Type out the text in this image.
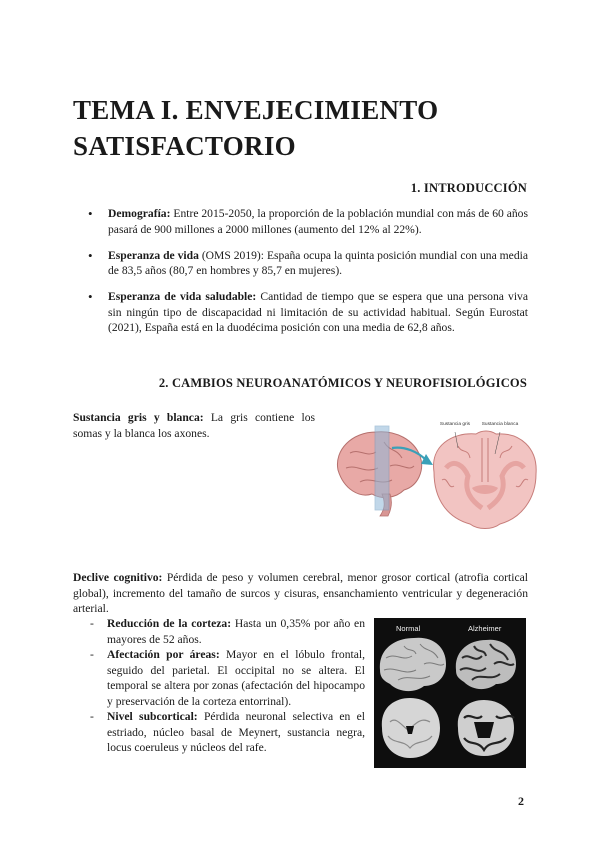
TEMA I. ENVEJECIMIENTO SATISFACTORIO
1. INTRODUCCIÓN
• Demografía: Entre 2015-2050, la proporción de la población mundial con más de 60 años pasará de 900 millones a 2000 millones (aumento del 12% al 22%).
• Esperanza de vida (OMS 2019): España ocupa la quinta posición mundial con una media de 83,5 años (80,7 en hombres y 85,7 en mujeres).
• Esperanza de vida saludable: Cantidad de tiempo que se espera que una persona viva sin ningún tipo de discapacidad ni limitación de su actividad habitual. Según Eurostat (2021), España está en la duodécima posición con una media de 62,8 años.
2. CAMBIOS NEUROANATÓMICOS Y NEUROFISIOLÓGICOS

Sustancia gris y blanca: La gris contiene los somas y la blanca los axones.

Sustancia gris Sustancia blanca

Declive cognitivo: Pérdida de peso y volumen cerebral, menor grosor cortical (atrofia cortical global), incremento del tamaño de surcos y cisuras, ensanchamiento ventricular y degeneración arterial.

- Reducción de la corteza: Hasta un 0,35% por año en mayores de 52 años.
- Afectación por áreas: Mayor en el lóbulo frontal, seguido del parietal. El occipital no se altera. El temporal se altera por zonas (afectación del hipocampo y preservación de la corteza entorrinal).
- Nivel subcortical: Pérdida neuronal selectiva en el estriado, núcleo basal de Meynert, sustancia negra, locus coeruleus y núcleos del rafe.
Normal	Alzheimer
2
